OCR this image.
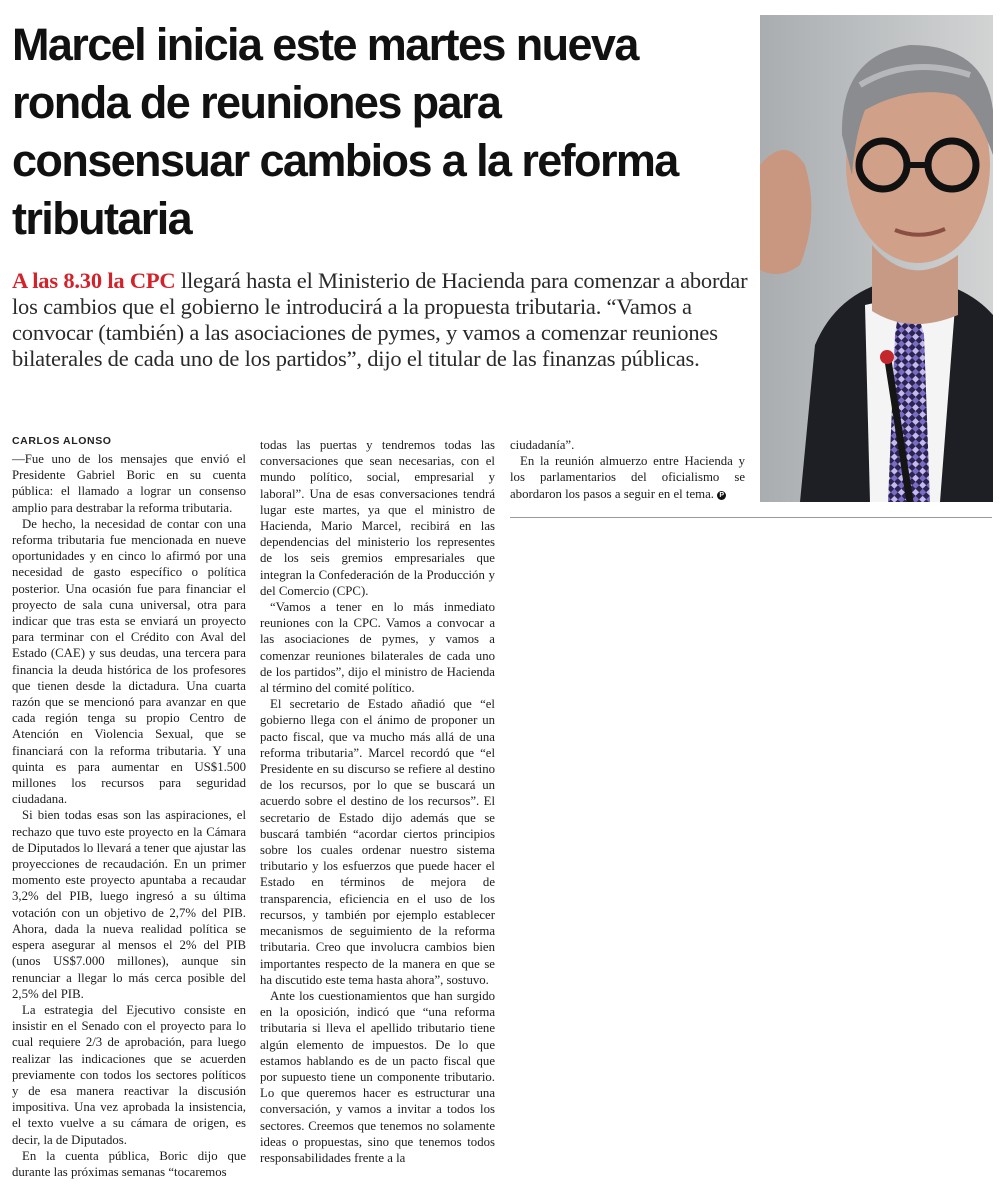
Marcel inicia este martes nueva ronda de reuniones para consensuar cambios a la reforma tributaria

A las 8.30 la CPC llegará hasta el Ministerio de Hacienda para comenzar a abordar los cambios que el gobierno le introducirá a la propuesta tributaria. “Vamos a convocar (también) a las asociaciones de pymes, y vamos a comenzar reuniones bilaterales de cada uno de los partidos”, dijo el titular de las finanzas públicas.

CARLOS ALONSO

—Fue uno de los mensajes que envió el Presidente Gabriel Boric en su cuenta pública: el llamado a lograr un consenso amplio para destrabar la reforma tributaria.

De hecho, la necesidad de contar con una reforma tributaria fue mencionada en nueve oportunidades y en cinco lo afirmó por una necesidad de gasto específico o política posterior. Una ocasión fue para financiar el proyecto de sala cuna universal, otra para indicar que tras esta se enviará un proyecto para terminar con el Crédito con Aval del Estado (CAE) y sus deudas, una tercera para financia la deuda histórica de los profesores que tienen desde la dictadura. Una cuarta razón que se mencionó para avanzar en que cada región tenga su propio Centro de Atención en Violencia Sexual, que se financiará con la reforma tributaria. Y una quinta es para aumentar en US$1.500 millones los recursos para seguridad ciudadana.

Si bien todas esas son las aspiraciones, el rechazo que tuvo este proyecto en la Cámara de Diputados lo llevará a tener que ajustar las proyecciones de recaudación. En un primer momento este proyecto apuntaba a recaudar 3,2% del PIB, luego ingresó a su última votación con un objetivo de 2,7% del PIB. Ahora, dada la nueva realidad política se espera asegurar al mensos el 2% del PIB (unos US$7.000 millones), aunque sin renunciar a llegar lo más cerca posible del 2,5% del PIB.

La estrategia del Ejecutivo consiste en insistir en el Senado con el proyecto para lo cual requiere 2/3 de aprobación, para luego realizar las indicaciones que se acuerden previamente con todos los sectores políticos y de esa manera reactivar la discusión impositiva. Una vez aprobada la insistencia, el texto vuelve a su cámara de origen, es decir, la de Diputados.

En la cuenta pública, Boric dijo que durante las próximas semanas “tocaremos

todas las puertas y tendremos todas las conversaciones que sean necesarias, con el mundo político, social, empresarial y laboral”. Una de esas conversaciones tendrá lugar este martes, ya que el ministro de Hacienda, Mario Marcel, recibirá en las dependencias del ministerio los representes de los seis gremios empresariales que integran la Confederación de la Producción y del Comercio (CPC).

“Vamos a tener en lo más inmediato reuniones con la CPC. Vamos a convocar a las asociaciones de pymes, y vamos a comenzar reuniones bilaterales de cada uno de los partidos”, dijo el ministro de Hacienda al término del comité político.

El secretario de Estado añadió que “el gobierno llega con el ánimo de proponer un pacto fiscal, que va mucho más allá de una reforma tributaria”. Marcel recordó que “el Presidente en su discurso se refiere al destino de los recursos, por lo que se buscará un acuerdo sobre el destino de los recursos”. El secretario de Estado dijo además que se buscará también “acordar ciertos principios sobre los cuales ordenar nuestro sistema tributario y los esfuerzos que puede hacer el Estado en términos de mejora de transparencia, eficiencia en el uso de los recursos, y también por ejemplo establecer mecanismos de seguimiento de la reforma tributaria. Creo que involucra cambios bien importantes respecto de la manera en que se ha discutido este tema hasta ahora”, sostuvo.

Ante los cuestionamientos que han surgido en la oposición, indicó que “una reforma tributaria si lleva el apellido tributario tiene algún elemento de impuestos. De lo que estamos hablando es de un pacto fiscal que por supuesto tiene un componente tributario. Lo que queremos hacer es estructurar una conversación, y vamos a invitar a todos los sectores. Creemos que tenemos no solamente ideas o propuestas, sino que tenemos todos responsabilidades frente a la

ciudadanía”.

En la reunión almuerzo entre Hacienda y los parlamentarios del oficialismo se abordaron los pasos a seguir en el tema. P
